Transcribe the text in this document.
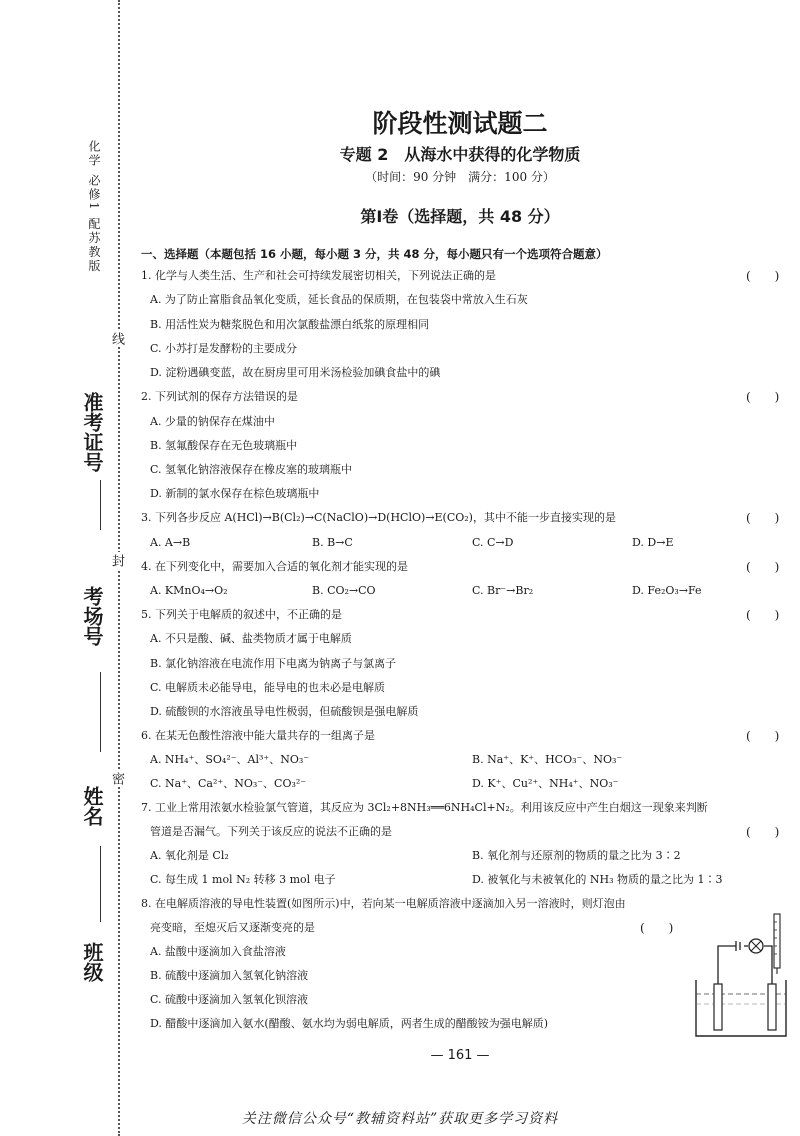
化学 必修1 配苏教版
准考证号
考场号
姓名
班级
线
封
密
阶段性测试题二
专题 2　从海水中获得的化学物质
（时间：90 分钟　满分：100 分）
第Ⅰ卷（选择题，共 48 分）
一、选择题（本题包括 16 小题，每小题 3 分，共 48 分，每小题只有一个选项符合题意）
1. 化学与人类生活、生产和社会可持续发展密切相关，下列说法正确的是	(　　)
A. 为了防止富脂食品氧化变质，延长食品的保质期，在包装袋中常放入生石灰
B. 用活性炭为糖浆脱色和用次氯酸盐漂白纸浆的原理相同
C. 小苏打是发酵粉的主要成分
D. 淀粉遇碘变蓝，故在厨房里可用米汤检验加碘食盐中的碘
2. 下列试剂的保存方法错误的是	(　　)
A. 少量的钠保存在煤油中
B. 氢氟酸保存在无色玻璃瓶中
C. 氢氧化钠溶液保存在橡皮塞的玻璃瓶中
D. 新制的氯水保存在棕色玻璃瓶中
3. 下列各步反应 A(HCl)→B(Cl₂)→C(NaClO)→D(HClO)→E(CO₂)，其中不能一步直接实现的是	(　　)
A. A→B	B. B→C	C. C→D	D. D→E
4. 在下列变化中，需要加入合适的氧化剂才能实现的是	(　　)
A. KMnO₄→O₂	B. CO₂→CO	C. Br⁻→Br₂	D. Fe₂O₃→Fe
5. 下列关于电解质的叙述中，不正确的是	(　　)
A. 不只是酸、碱、盐类物质才属于电解质
B. 氯化钠溶液在电流作用下电离为钠离子与氯离子
C. 电解质未必能导电，能导电的也未必是电解质
D. 硫酸钡的水溶液虽导电性极弱，但硫酸钡是强电解质
6. 在某无色酸性溶液中能大量共存的一组离子是	(　　)
A. NH₄⁺、SO₄²⁻、Al³⁺、NO₃⁻	B. Na⁺、K⁺、HCO₃⁻、NO₃⁻
C. Na⁺、Ca²⁺、NO₃⁻、CO₃²⁻	D. K⁺、Cu²⁺、NH₄⁺、NO₃⁻
7. 工业上常用浓氨水检验氯气管道，其反应为 3Cl₂+8NH₃══6NH₄Cl+N₂。利用该反应中产生白烟这一现象来判断
管道是否漏气。下列关于该反应的说法不正确的是	(　　)
A. 氧化剂是 Cl₂	B. 氧化剂与还原剂的物质的量之比为 3∶2
C. 每生成 1 mol N₂ 转移 3 mol 电子	D. 被氧化与未被氧化的 NH₃ 物质的量之比为 1∶3
8. 在电解质溶液的导电性装置(如图所示)中，若向某一电解质溶液中逐滴加入另一溶液时，则灯泡由
亮变暗，至熄灭后又逐渐变亮的是	(　　)
A. 盐酸中逐滴加入食盐溶液
B. 硫酸中逐滴加入氢氧化钠溶液
C. 硫酸中逐滴加入氢氧化钡溶液
D. 醋酸中逐滴加入氨水(醋酸、氨水均为弱电解质，两者生成的醋酸铵为强电解质)
— 161 —
关注微信公众号“教辅资料站”获取更多学习资料
